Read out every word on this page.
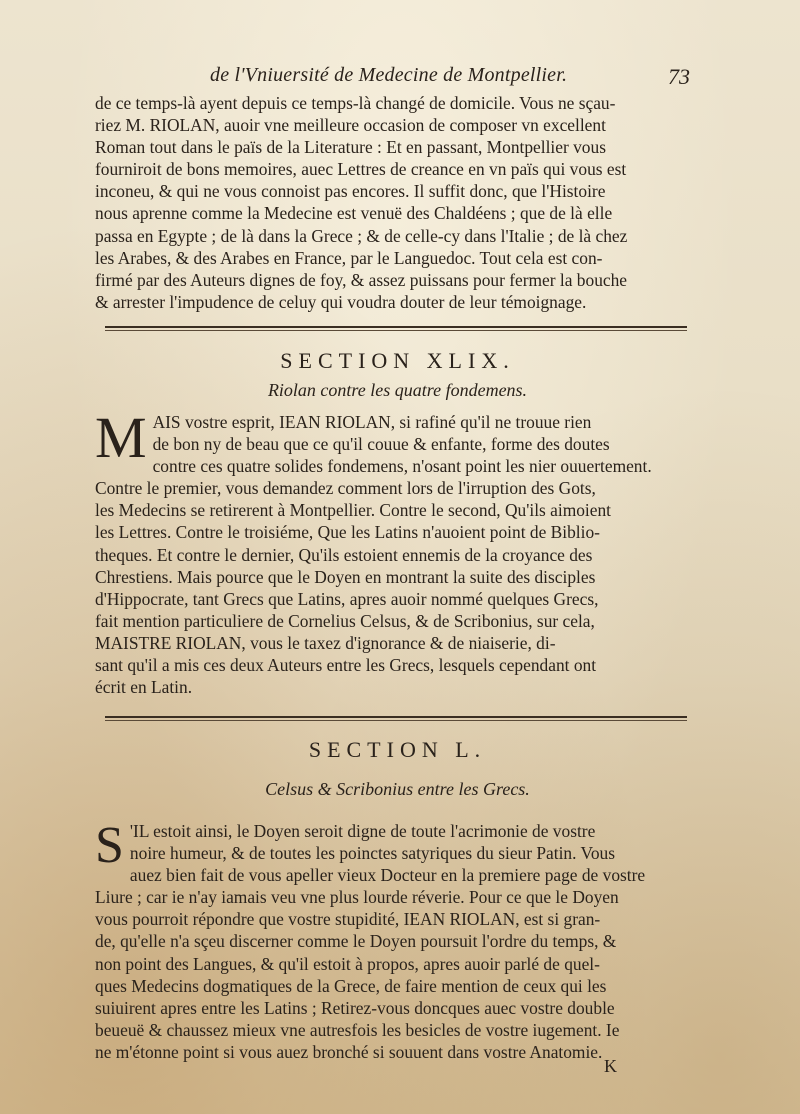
de l'Vniuersité de Medecine de Montpellier.	73

de ce temps-là ayent depuis ce temps-là changé de domicile. Vous ne sçau-

riez M. RIOLAN, auoir vne meilleure occasion de composer vn excellent

Roman tout dans le païs de la Literature : Et en passant, Montpellier vous

fourniroit de bons memoires, auec Lettres de creance en vn païs qui vous est

inconeu, & qui ne vous connoist pas encores. Il suffit donc, que l'Histoire

nous aprenne comme la Medecine est venuë des Chaldéens ; que de là elle

passa en Egypte ; de là dans la Grece ; & de celle-cy dans l'Italie ; de là chez

les Arabes, & des Arabes en France, par le Languedoc. Tout cela est con-

firmé par des Auteurs dignes de foy, & assez puissans pour fermer la bouche

& arrester l'impudence de celuy qui voudra douter de leur témoignage.

SECTION XLIX.
Riolan contre les quatre fondemens.
M AIS vostre esprit, IEAN RIOLAN, si rafiné qu'il ne trouue rien

de bon ny de beau que ce qu'il couue & enfante, forme des doutes

contre ces quatre solides fondemens, n'osant point les nier ouuertement.

Contre le premier, vous demandez comment lors de l'irruption des Gots,

les Medecins se retirerent à Montpellier. Contre le second, Qu'ils aimoient

les Lettres. Contre le troisiéme, Que les Latins n'auoient point de Biblio-

theques. Et contre le dernier, Qu'ils estoient ennemis de la croyance des

Chrestiens. Mais pource que le Doyen en montrant la suite des disciples

d'Hippocrate, tant Grecs que Latins, apres auoir nommé quelques Grecs,

fait mention particuliere de Cornelius Celsus, & de Scribonius, sur cela,

MAISTRE RIOLAN, vous le taxez d'ignorance & de niaiserie, di-

sant qu'il a mis ces deux Auteurs entre les Grecs, lesquels cependant ont

écrit en Latin.

SECTION L.
Celsus & Scribonius entre les Grecs.
S 'IL estoit ainsi, le Doyen seroit digne de toute l'acrimonie de vostre

noire humeur, & de toutes les poinctes satyriques du sieur Patin. Vous

auez bien fait de vous apeller vieux Docteur en la premiere page de vostre

Liure ; car ie n'ay iamais veu vne plus lourde réverie. Pour ce que le Doyen

vous pourroit répondre que vostre stupidité, IEAN RIOLAN, est si gran-

de, qu'elle n'a sçeu discerner comme le Doyen poursuit l'ordre du temps, &

non point des Langues, & qu'il estoit à propos, apres auoir parlé de quel-

ques Medecins dogmatiques de la Grece, de faire mention de ceux qui les

suiuirent apres entre les Latins ; Retirez-vous doncques auec vostre double

beueuë & chaussez mieux vne autresfois les besicles de vostre iugement. Ie

ne m'étonne point si vous auez bronché si souuent dans vostre Anatomie.

K
